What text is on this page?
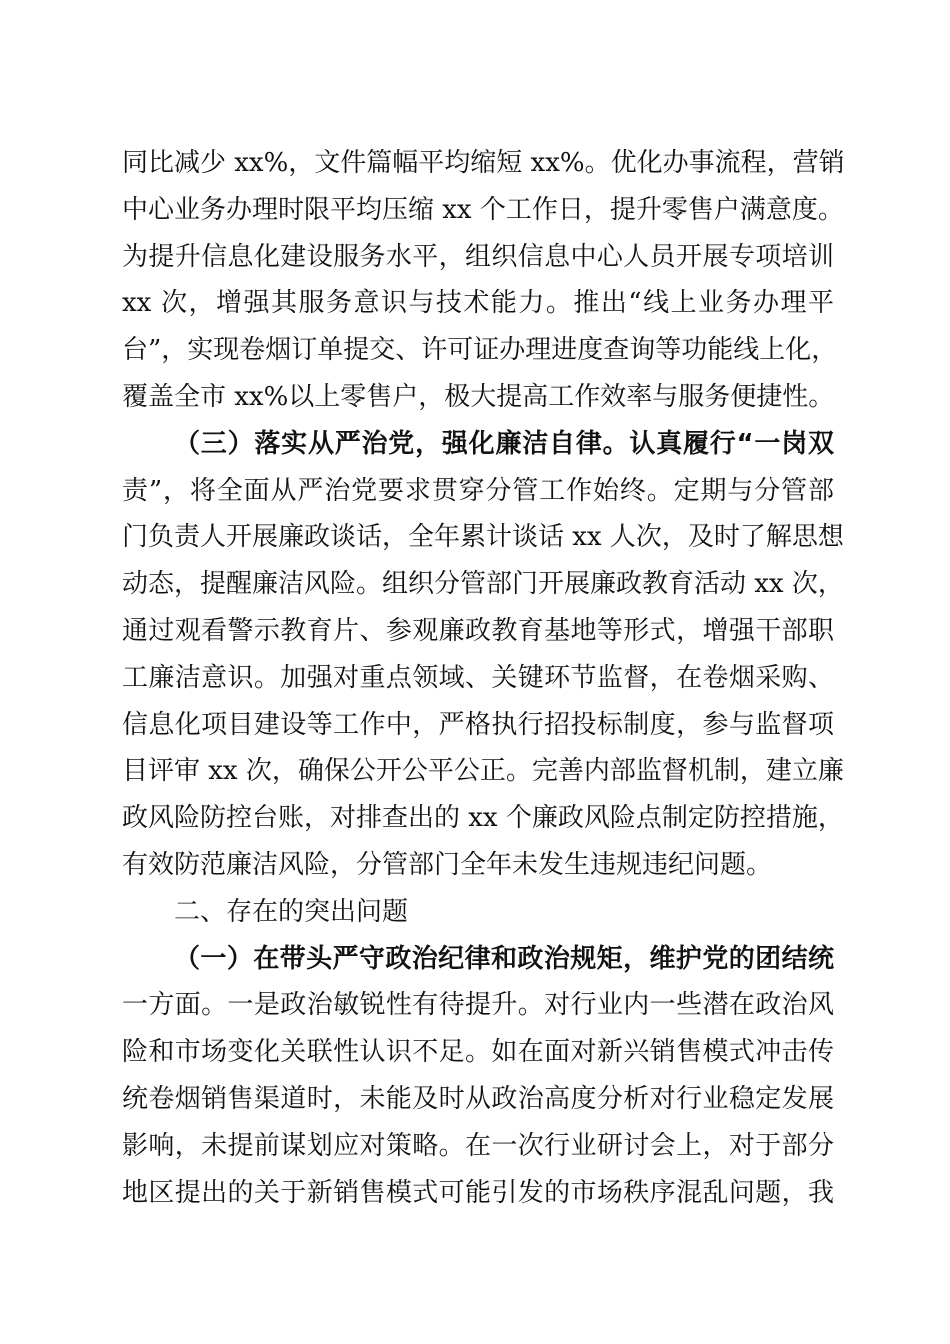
同比减少 xx%，文件篇幅平均缩短 xx%。优化办事流程，营销
中心业务办理时限平均压缩 xx 个工作日，提升零售户满意度。
为提升信息化建设服务水平，组织信息中心人员开展专项培训
xx 次，增强其服务意识与技术能力。推出“线上业务办理平
台”，实现卷烟订单提交、许可证办理进度查询等功能线上化，
覆盖全市 xx%以上零售户，极大提高工作效率与服务便捷性。
（三）落实从严治党，强化廉洁自律。认真履行“一岗双
责”，将全面从严治党要求贯穿分管工作始终。定期与分管部
门负责人开展廉政谈话，全年累计谈话 xx 人次，及时了解思想
动态，提醒廉洁风险。组织分管部门开展廉政教育活动 xx 次，
通过观看警示教育片、参观廉政教育基地等形式，增强干部职
工廉洁意识。加强对重点领域、关键环节监督，在卷烟采购、
信息化项目建设等工作中，严格执行招投标制度，参与监督项
目评审 xx 次，确保公开公平公正。完善内部监督机制，建立廉
政风险防控台账，对排查出的 xx 个廉政风险点制定防控措施，
有效防范廉洁风险，分管部门全年未发生违规违纪问题。
二、存在的突出问题
（一）在带头严守政治纪律和政治规矩，维护党的团结统
一方面。一是政治敏锐性有待提升。对行业内一些潜在政治风
险和市场变化关联性认识不足。如在面对新兴销售模式冲击传
统卷烟销售渠道时，未能及时从政治高度分析对行业稳定发展
影响，未提前谋划应对策略。在一次行业研讨会上，对于部分
地区提出的关于新销售模式可能引发的市场秩序混乱问题，我
